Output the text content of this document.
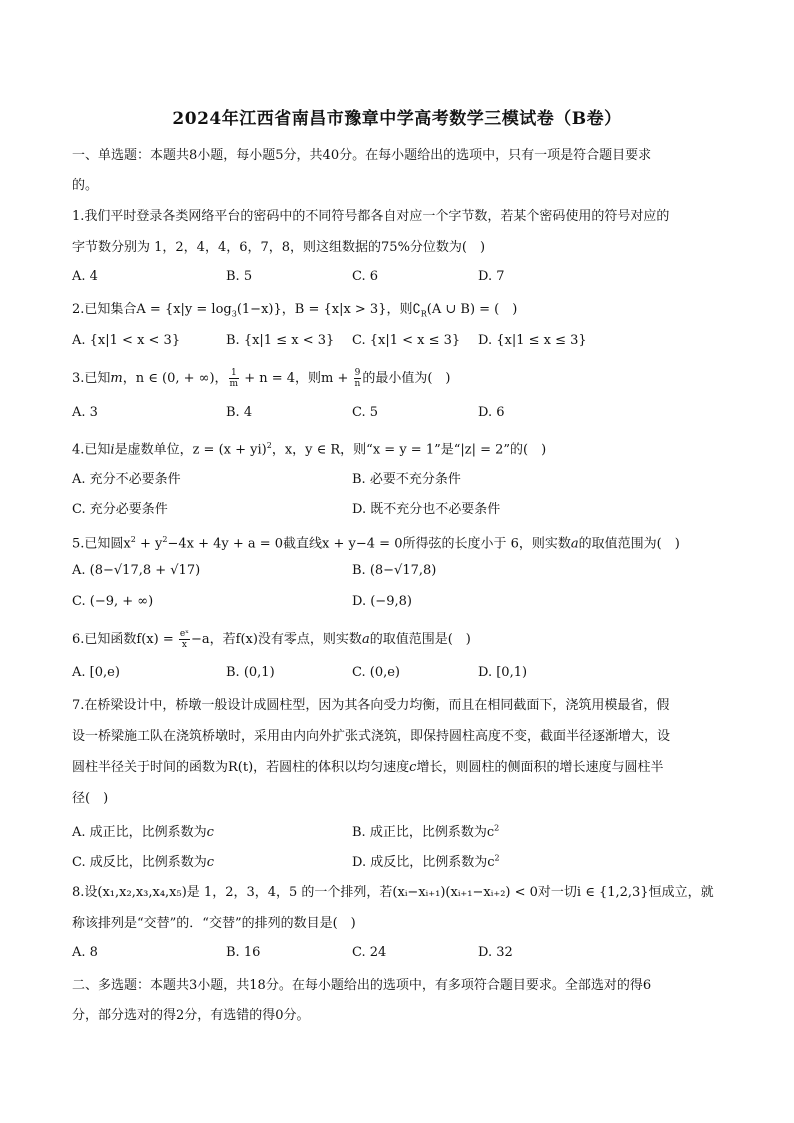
2024年江西省南昌市豫章中学高考数学三模试卷（B卷）
一、单选题：本题共8小题，每小题5分，共40分。在每小题给出的选项中，只有一项是符合题目要求
的。
1.我们平时登录各类网络平台的密码中的不同符号都各自对应一个字节数，若某个密码使用的符号对应的
字节数分别为 1，2，4，4，6，7，8，则这组数据的75%分位数为(　)
A. 4	B. 5	C. 6	D. 7
2.已知集合$A = \{x|y = \log_3(1-x)\}$，B = {x|x > 3}，则$∁_R(A$ ∪ B) = (　)
A. {x|1 < x < 3}	B. {x|1 ≤ x < 3} C. {x|1 < x ≤ 3} D. {x|1 ≤ x ≤ 3}
3.已知m，n ∈ (0, + ∞)， $\frac{1}{m} + n = 4$，则$m + \frac{9}{n}$ 的最小值为(　)
A. 3	B. 4	C. 5	D. 6
4.已知i是虚数单位，z = (x + yi)$^2$，x，y ∈ R，则“x = y = 1”是“|z| = 2”的(　)
A. 充分不必要条件	B. 必要不充分条件
C. 充分必要条件	D. 既不充分也不必要条件
5.已知圆$x^2 + y^2-4x + 4y + a = 0$截直线x + y−4 = 0所得弦的长度小于 6，则实数a的取值范围为(　)
A. (8−√17,8 + √17)	B. (8−√17,8)
C. (−9, + ∞)	D. (−9,8)
6.已知函数$f(x) = \frac{\text{eˣ}}{x} -a$，若f(x)没有零点，则实数a的取值范围是(　)
A. [0,e)	B. (0,1)	C. (0,e)	D. [0,1)
7.在桥梁设计中，桥墩一般设计成圆柱型，因为其各向受力均衡，而且在相同截面下，浇筑用模最省，假
设一桥梁施工队在浇筑桥墩时，采用由内向外扩张式浇筑，即保持圆柱高度不变，截面半径逐渐增大，设
圆柱半径关于时间的函数为R(t)，若圆柱的体积以均匀速度c增长，则圆柱的侧面积的增长速度与圆柱半
径(　)
A. 成正比，比例系数为c	B. 成正比，比例系数为$c^2$
C. 成反比，比例系数为c	D. 成反比，比例系数为$c^2$
8.设(x₁,x₂,x₃,x₄,x₅)是 1，2，3，4，5 的一个排列，若(xᵢ−xᵢ₊₁)(xᵢ₊₁−xᵢ₊₂) < 0对一切i ∈ {1,2,3}恒成立，就
称该排列是“交替”的．“交替”的排列的数目是(　)
A. 8	B. 16	C. 24	D. 32
二、多选题：本题共3小题，共18分。在每小题给出的选项中，有多项符合题目要求。全部选对的得6
分，部分选对的得2分，有选错的得0分。
